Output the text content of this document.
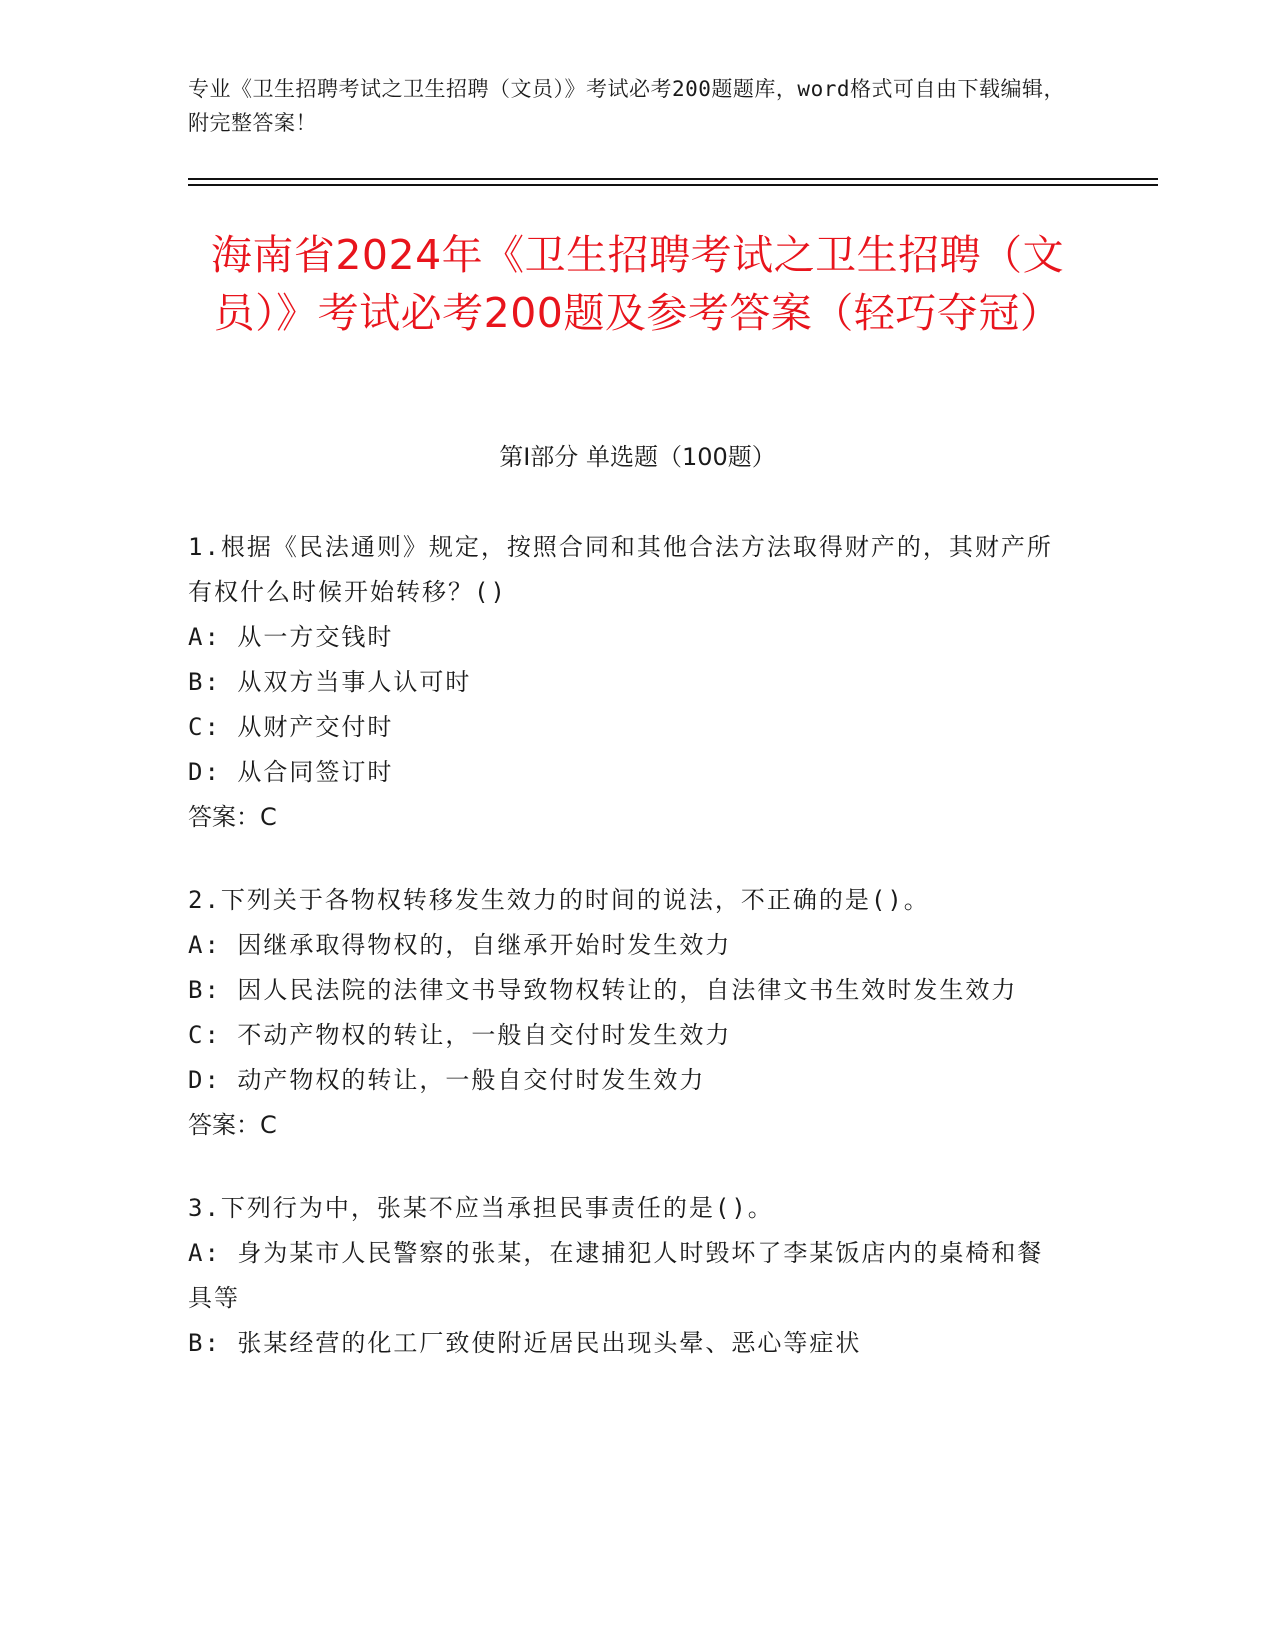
专业《卫生招聘考试之卫生招聘（文员）》考试必考200题题库，word格式可自由下载编辑，附完整答案！
海南省2024年《卫生招聘考试之卫生招聘（文员）》考试必考200题及参考答案（轻巧夺冠）
第I部分 单选题（100题）
1.根据《民法通则》规定，按照合同和其他合法方法取得财产的，其财产所有权什么时候开始转移？()
A: 从一方交钱时
B: 从双方当事人认可时
C: 从财产交付时
D: 从合同签订时
答案：C
2.下列关于各物权转移发生效力的时间的说法，不正确的是()。
A: 因继承取得物权的，自继承开始时发生效力
B: 因人民法院的法律文书导致物权转让的，自法律文书生效时发生效力
C: 不动产物权的转让，一般自交付时发生效力
D: 动产物权的转让，一般自交付时发生效力
答案：C
3.下列行为中，张某不应当承担民事责任的是()。
A: 身为某市人民警察的张某，在逮捕犯人时毁坏了李某饭店内的桌椅和餐具等
B: 张某经营的化工厂致使附近居民出现头晕、恶心等症状
